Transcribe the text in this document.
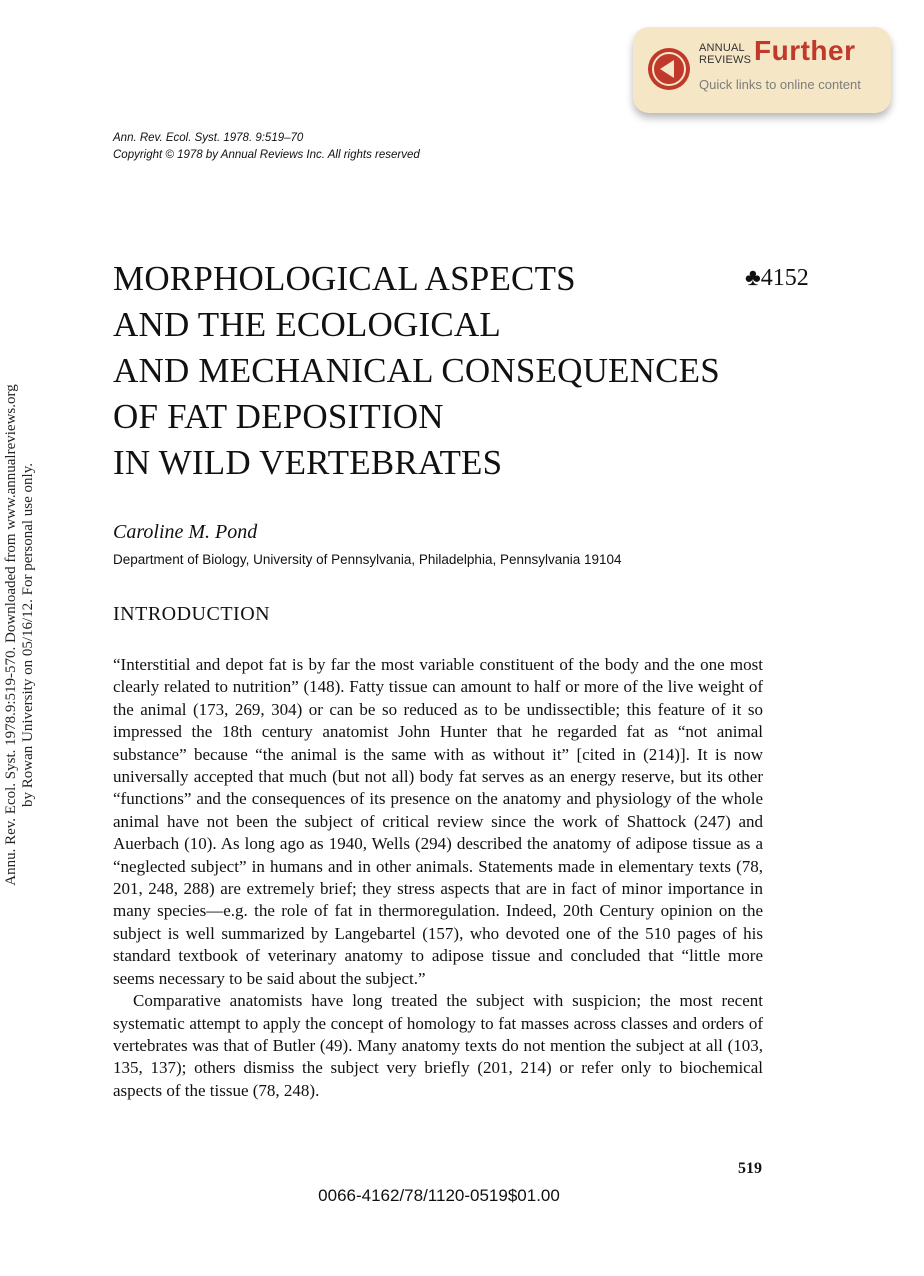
ANNUAL
REVIEWS Further
Quick links to online content
Ann. Rev. Ecol. Syst. 1978. 9:519–70
Copyright © 1978 by Annual Reviews Inc. All rights reserved
MORPHOLOGICAL ASPECTS
AND THE ECOLOGICAL
AND MECHANICAL CONSEQUENCES
OF FAT DEPOSITION
IN WILD VERTEBRATES
♣4152
Caroline M. Pond
Department of Biology, University of Pennsylvania, Philadelphia, Pennsylvania 19104
INTRODUCTION

“Interstitial and depot fat is by far the most variable constituent of the body and the one most clearly related to nutrition” (148). Fatty tissue can amount to half or more of the live weight of the animal (173, 269, 304) or can be so reduced as to be undissectible; this feature of it so impressed the 18th century anatomist John Hunter that he regarded fat as “not animal substance” because “the animal is the same with as without it” [cited in (214)]. It is now universally accepted that much (but not all) body fat serves as an energy reserve, but its other “functions” and the consequences of its presence on the anatomy and physiology of the whole animal have not been the subject of critical review since the work of Shattock (247) and Auerbach (10). As long ago as 1940, Wells (294) described the anatomy of adipose tissue as a “neglected subject” in humans and in other animals. Statements made in elementary texts (78, 201, 248, 288) are extremely brief; they stress aspects that are in fact of minor importance in many species—e.g. the role of fat in thermoregulation. Indeed, 20th Century opinion on the subject is well summarized by Langebartel (157), who devoted one of the 510 pages of his standard textbook of veterinary anatomy to adipose tissue and concluded that “little more seems necessary to be said about the subject.”

Comparative anatomists have long treated the subject with suspicion; the most recent systematic attempt to apply the concept of homology to fat masses across classes and orders of vertebrates was that of Butler (49). Many anatomy texts do not mention the subject at all (103, 135, 137); others dismiss the subject very briefly (201, 214) or refer only to biochemical aspects of the tissue (78, 248).

519
0066-4162/78/1120-0519$01.00
Annu. Rev. Ecol. Syst. 1978.9:519-570. Downloaded from www.annualreviews.org by Rowan University on 05/16/12. For personal use only.
